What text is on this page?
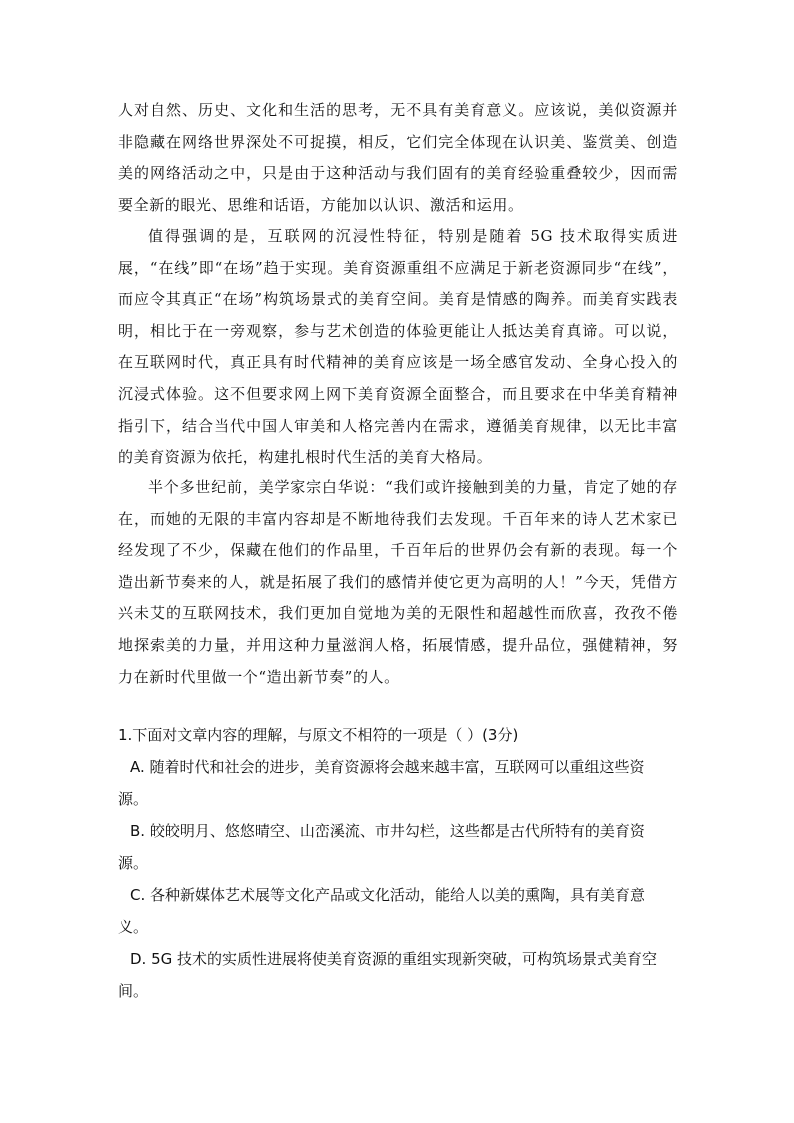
人对自然、历史、文化和生活的思考，无不具有美育意义。应该说，美似资源并非隐藏在网络世界深处不可捉摸，相反，它们完全体现在认识美、鉴赏美、创造美的网络活动之中，只是由于这种活动与我们固有的美育经验重叠较少，因而需要全新的眼光、思维和话语，方能加以认识、激活和运用。

值得强调的是，互联网的沉浸性特征，特别是随着 5G 技术取得实质进展，“在线”即“在场”趋于实现。美育资源重组不应满足于新老资源同步“在线”，而应令其真正“在场”构筑场景式的美育空间。美育是情感的陶养。而美育实践表明，相比于在一旁观察，参与艺术创造的体验更能让人抵达美育真谛。可以说，在互联网时代，真正具有时代精神的美育应该是一场全感官发动、全身心投入的沉浸式体验。这不但要求网上网下美育资源全面整合，而且要求在中华美育精神指引下，结合当代中国人审美和人格完善内在需求，遵循美育规律，以无比丰富的美育资源为依托，构建扎根时代生活的美育大格局。

半个多世纪前，美学家宗白华说：“我们或许接触到美的力量，肯定了她的存在，而她的无限的丰富内容却是不断地待我们去发现。千百年来的诗人艺术家已经发现了不少，保藏在他们的作品里，千百年后的世界仍会有新的表现。每一个造出新节奏来的人，就是拓展了我们的感情并使它更为高明的人！”今天，凭借方兴未艾的互联网技术，我们更加自觉地为美的无限性和超越性而欣喜，孜孜不倦地探索美的力量，并用这种力量滋润人格，拓展情感，提升品位，强健精神，努力在新时代里做一个“造出新节奏”的人。

1.下面对文章内容的理解，与原文不相符的一项是（ ）(3分)

A. 随着时代和社会的进步，美育资源将会越来越丰富，互联网可以重组这些资
源。

B. 皎皎明月、悠悠晴空、山峦溪流、市井勾栏，这些都是古代所特有的美育资
源。

C. 各种新媒体艺术展等文化产品或文化活动，能给人以美的熏陶，具有美育意
义。

D. 5G 技术的实质性进展将使美育资源的重组实现新突破，可构筑场景式美育空
间。
